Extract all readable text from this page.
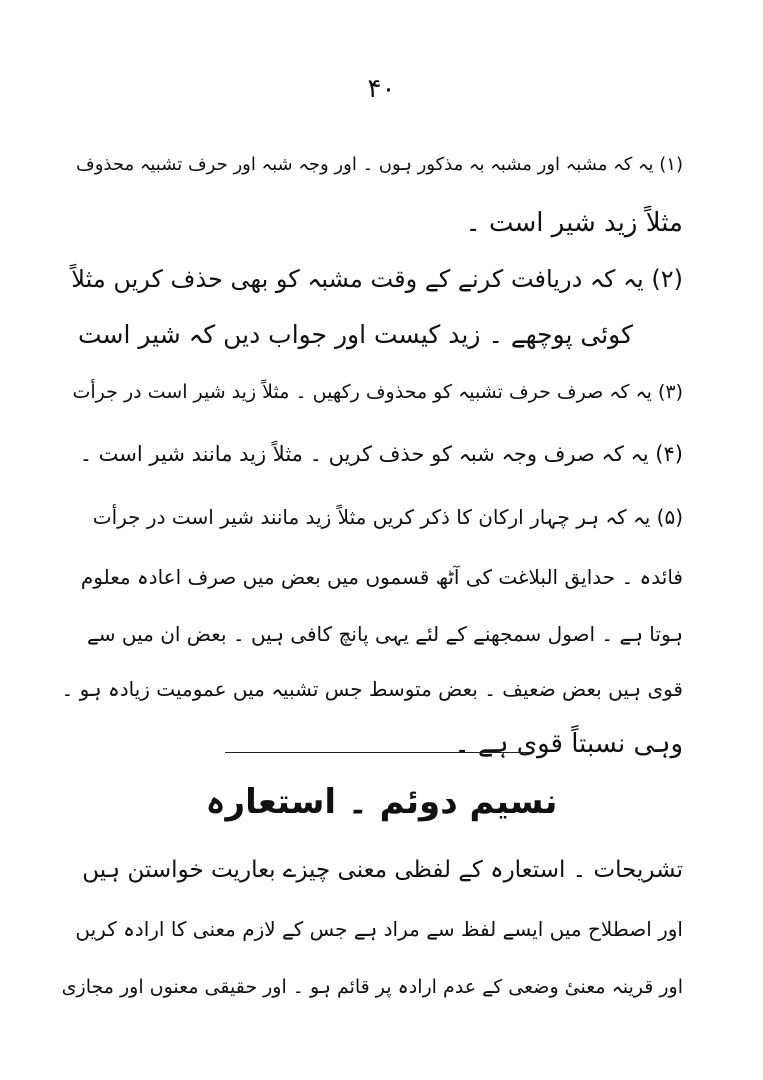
۴۰
(۱) یہ کہ مشبہ اور مشبہ بہ مذکور ہوں ۔ اور وجہ شبہ اور حرف تشبیہ محذوف
مثلاً زید شیر است ۔
(۲) یہ کہ دریافت کرنے کے وقت مشبہ کو بھی حذف کریں مثلاً
کوئی پوچھے ۔ زید کیست اور جواب دیں کہ شیر است
(۳) یہ کہ صرف حرف تشبیہ کو محذوف رکھیں ۔ مثلاً زید شیر است در جرأت
(۴) یہ کہ صرف وجہ شبہ کو حذف کریں ۔ مثلاً زید مانند شیر است ۔
(۵) یہ کہ ہر چہار ارکان کا ذکر کریں مثلاً زید مانند شیر است در جرأت
فائدہ ۔ حدایق البلاغت کی آٹھ قسموں میں بعض میں صرف اعادہ معلوم
ہوتا ہے ۔ اصول سمجھنے کے لئے یہی پانچ کافی ہیں ۔ بعض ان میں سے
قوی ہیں بعض ضعیف ۔ بعض متوسط جس تشبیہ میں عمومیت زیادہ ہو ۔
وہی نسبتاً قوی ہے ۔
نسیم دوئم ۔ استعارہ
تشریحات ۔ استعارہ کے لفظی معنی چیزے بعاریت خواستن ہیں
اور اصطلاح میں ایسے لفظ سے مراد ہے جس کے لازم معنی کا ارادہ کریں
اور قرینہ معنیٔ وضعی کے عدم ارادہ پر قائم ہو ۔ اور حقیقی معنوں اور مجازی
